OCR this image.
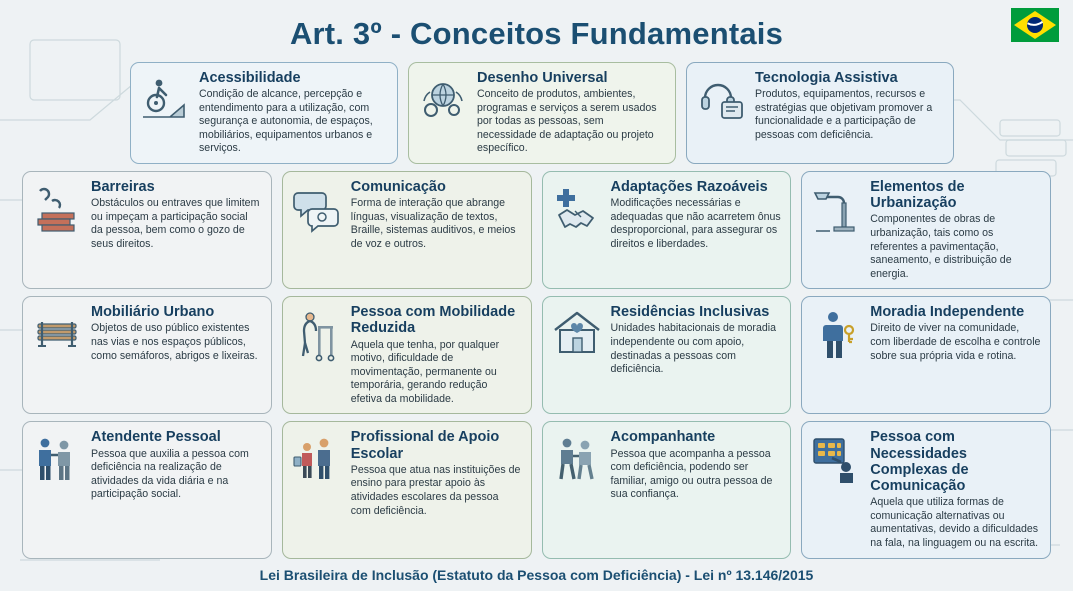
Art. 3º - Conceitos Fundamentais
Acessibilidade

Condição de alcance, percepção e entendimento para a utilização, com segurança e autonomia, de espaços, mobiliários, equipamentos urbanos e serviços.

Desenho Universal

Conceito de produtos, ambientes, programas e serviços a serem usados por todas as pessoas, sem necessidade de adaptação ou projeto específico.

Tecnologia Assistiva

Produtos, equipamentos, recursos e estratégias que objetivam promover a funcionalidade e a participação de pessoas com deficiência.

Barreiras

Obstáculos ou entraves que limitem ou impeçam a participação social da pessoa, bem como o gozo de seus direitos.

Comunicação

Forma de interação que abrange línguas, visualização de textos, Braille, sistemas auditivos, e meios de voz e outros.

Adaptações Razoáveis

Modificações necessárias e adequadas que não acarretem ônus desproporcional, para assegurar os direitos e liberdades.

Elementos de Urbanização

Componentes de obras de urbanização, tais como os referentes a pavimentação, saneamento, e distribuição de energia.

Mobiliário Urbano

Objetos de uso público existentes nas vias e nos espaços públicos, como semáforos, abrigos e lixeiras.

Pessoa com Mobilidade Reduzida

Aquela que tenha, por qualquer motivo, dificuldade de movimentação, permanente ou temporária, gerando redução efetiva da mobilidade.

Residências Inclusivas

Unidades habitacionais de moradia independente ou com apoio, destinadas a pessoas com deficiência.

Moradia Independente

Direito de viver na comunidade, com liberdade de escolha e controle sobre sua própria vida e rotina.

Atendente Pessoal

Pessoa que auxilia a pessoa com deficiência na realização de atividades da vida diária e na participação social.

Profissional de Apoio Escolar

Pessoa que atua nas instituições de ensino para prestar apoio às atividades escolares da pessoa com deficiência.

Acompanhante

Pessoa que acompanha a pessoa com deficiência, podendo ser familiar, amigo ou outra pessoa de sua confiança.

Pessoa com Necessidades Complexas de Comunicação

Aquela que utiliza formas de comunicação alternativas ou aumentativas, devido a dificuldades na fala, na linguagem ou na escrita.

Lei Brasileira de Inclusão (Estatuto da Pessoa com Deficiência) - Lei nº 13.146/2015
